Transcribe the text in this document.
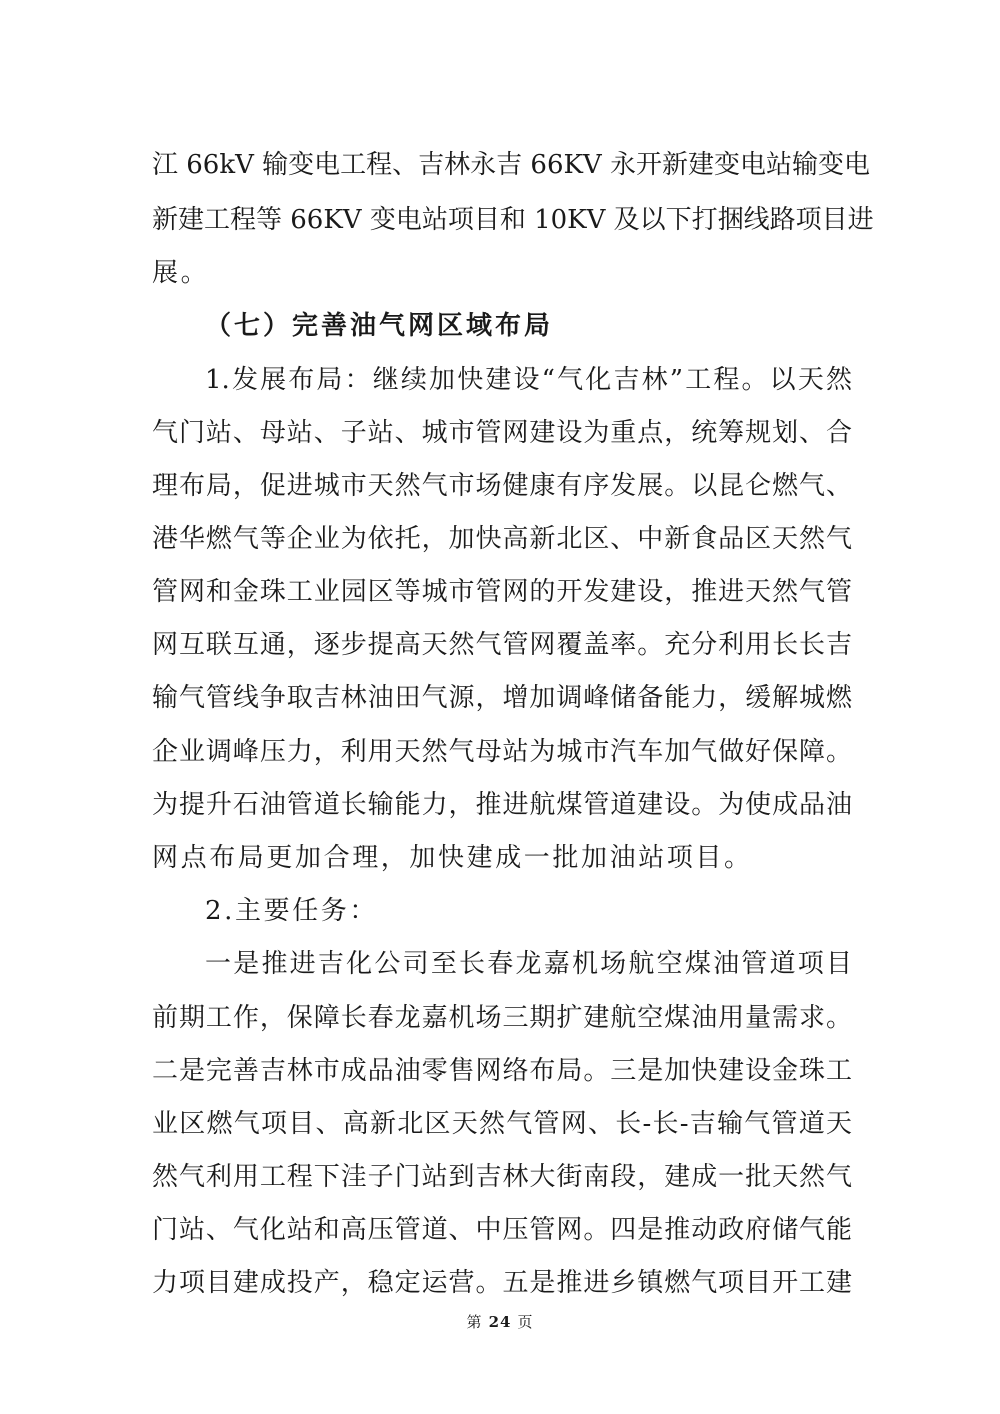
江 66kV 输变电工程、吉林永吉 66KV 永开新建变电站输变电
新建工程等 66KV 变电站项目和 10KV 及以下打捆线路项目进
展。
（七）完善油气网区域布局
1.发展布局：继续加快建设“气化吉林”工程。以天然
气门站、母站、子站、城市管网建设为重点，统筹规划、合
理布局，促进城市天然气市场健康有序发展。以昆仑燃气、
港华燃气等企业为依托，加快高新北区、中新食品区天然气
管网和金珠工业园区等城市管网的开发建设，推进天然气管
网互联互通，逐步提高天然气管网覆盖率。充分利用长长吉
输气管线争取吉林油田气源，增加调峰储备能力，缓解城燃
企业调峰压力，利用天然气母站为城市汽车加气做好保障。
为提升石油管道长输能力，推进航煤管道建设。为使成品油
网点布局更加合理，加快建成一批加油站项目。
2.主要任务：
一是推进吉化公司至长春龙嘉机场航空煤油管道项目
前期工作，保障长春龙嘉机场三期扩建航空煤油用量需求。
二是完善吉林市成品油零售网络布局。三是加快建设金珠工
业区燃气项目、高新北区天然气管网、长-长-吉输气管道天
然气利用工程下洼子门站到吉林大街南段，建成一批天然气
门站、气化站和高压管道、中压管网。四是推动政府储气能
力项目建成投产，稳定运营。五是推进乡镇燃气项目开工建
第 24 页
